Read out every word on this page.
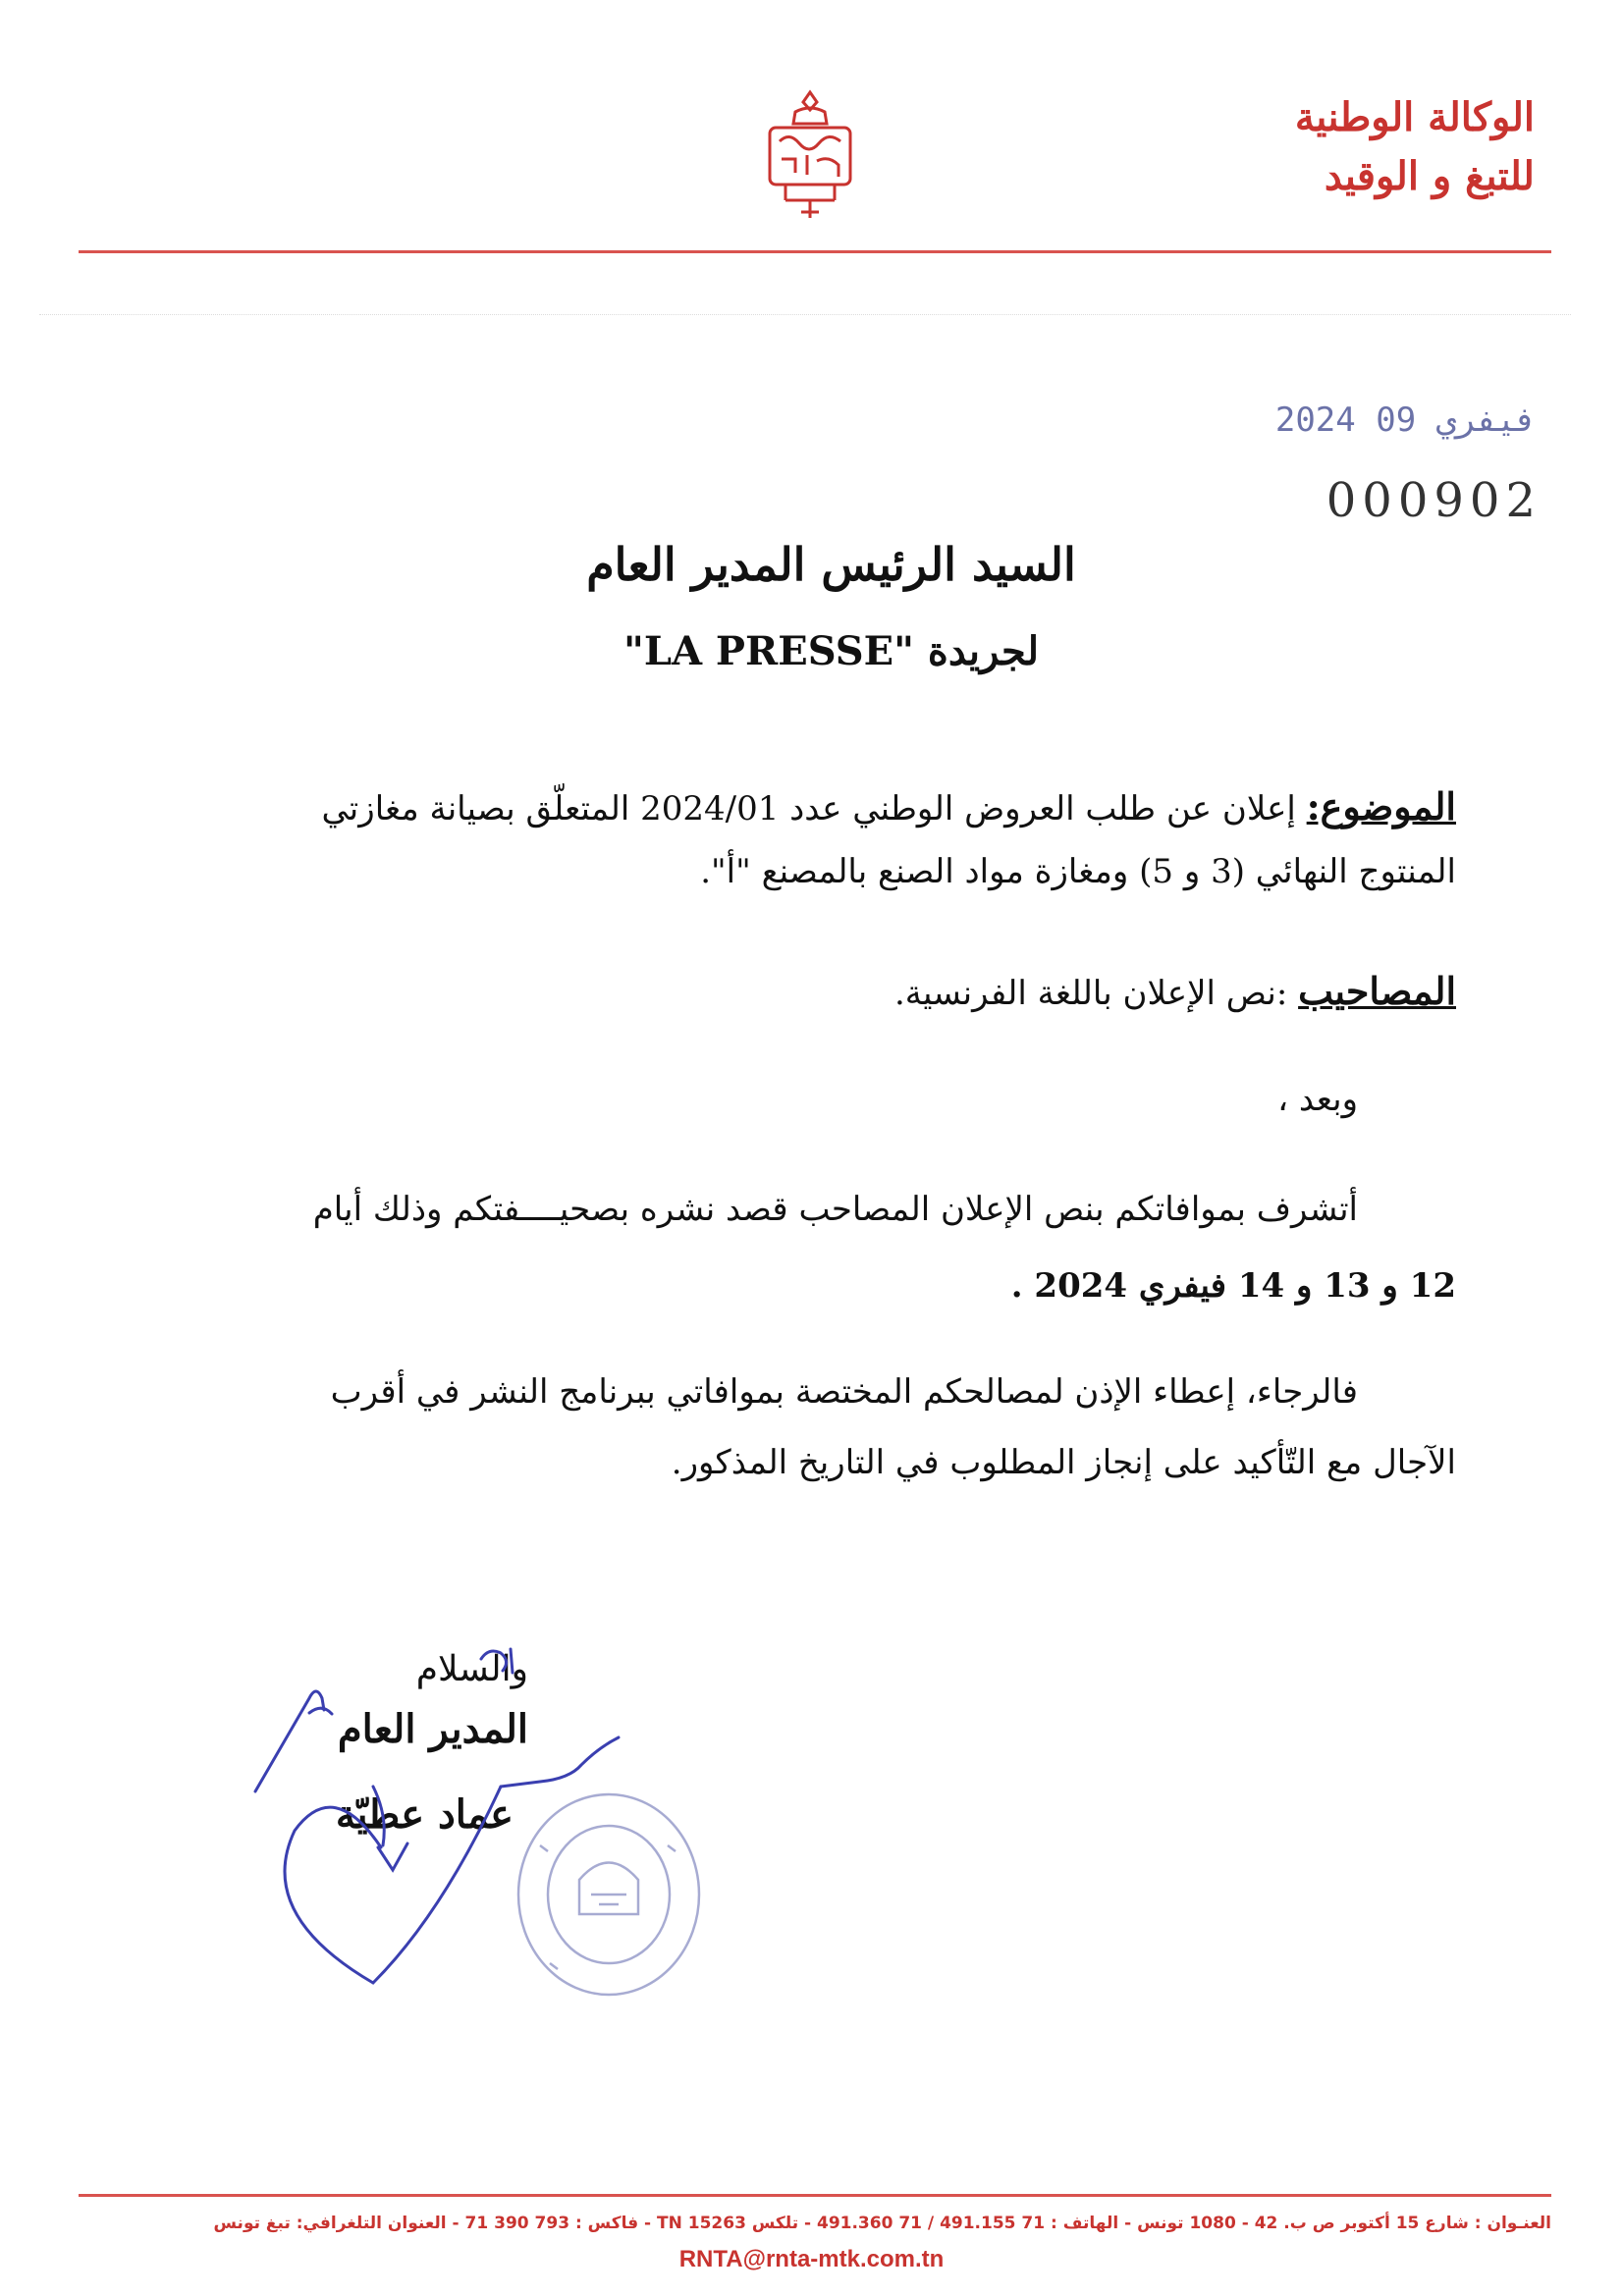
الوكالة الوطنية
للتبغ و الوقيد
2024 فيفري 09
000902
السيد الرئيس المدير العام
لجريدة "LA PRESSE"
الموضوع: إعلان عن طلب العروض الوطني عدد 2024/01 المتعلّق بصيانة مغازتي
المنتوج النهائي (3 و 5) ومغازة مواد الصنع بالمصنع "أ".
المصاحيب :نص الإعلان باللغة الفرنسية.
وبعد ،
أتشرف بموافاتكم بنص الإعلان المصاحب قصد نشره بصحيــــفتكم وذلك أيام
12 و 13 و 14 فيفري 2024 .
فالرجاء، إعطاء الإذن لمصالحكم المختصة بموافاتي ببرنامج النشر في أقرب
الآجال مع التّأكيد على إنجاز المطلوب في التاريخ المذكور.
والسلام
المدير العام
عماد عطيّة
العنـوان : شارع 15 أكتوبر ص ب. 42 - 1080 تونس - الهاتف : 71 491.155 / 71 491.360 - تلكس 15263 TN - فاكس : 793 390 71 - العنوان التلغرافي: تبغ تونس
RNTA@rnta-mtk.com.tn
